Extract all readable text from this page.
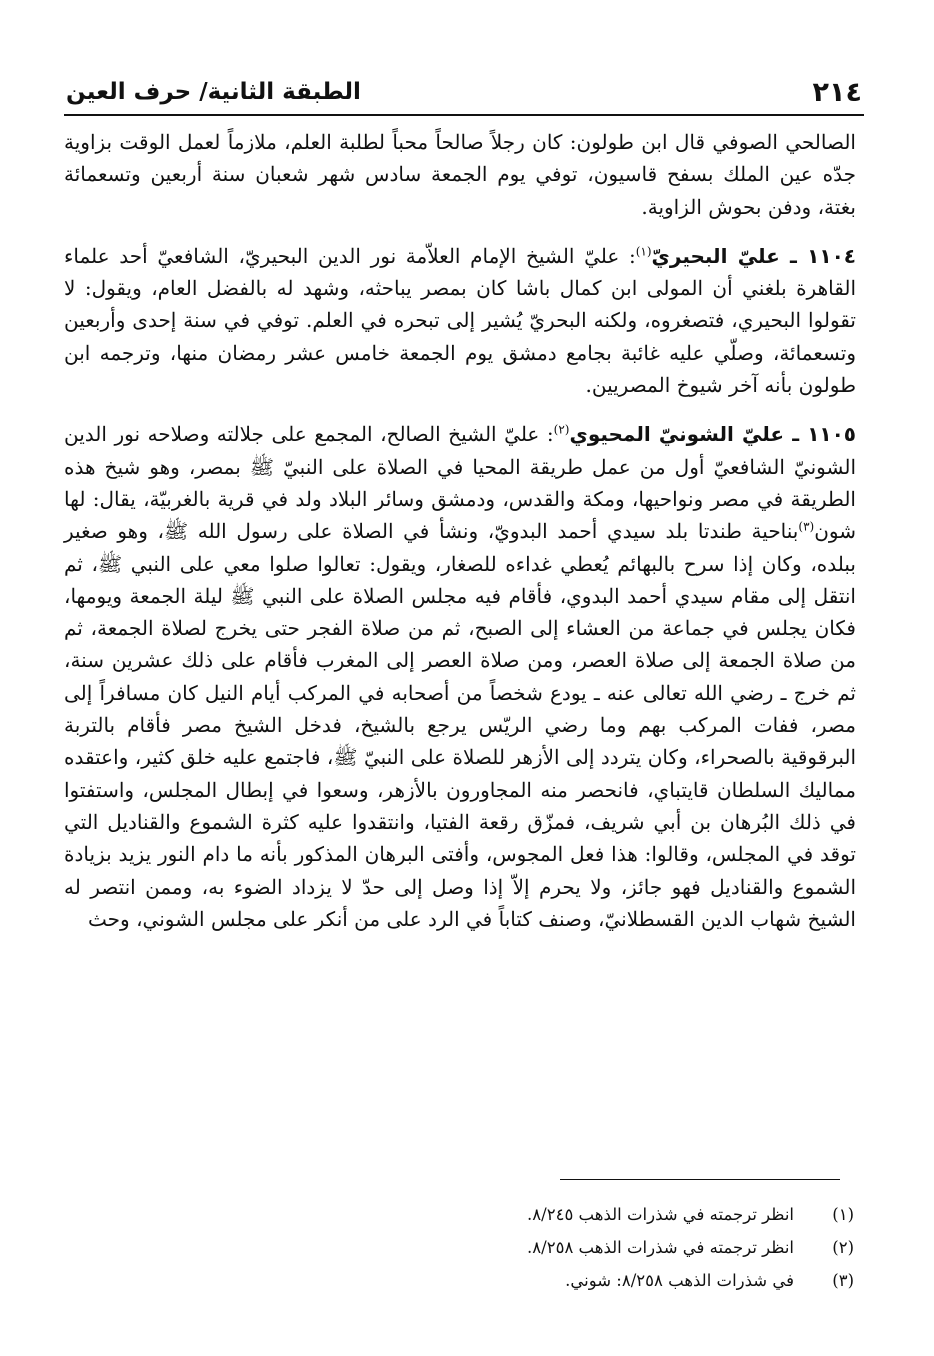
٢١٤
الطبقة الثانية/ حرف العين

الصالحي الصوفي قال ابن طولون: كان رجلاً صالحاً محباً لطلبة العلم، ملازماً لعمل الوقت بزاوية جدّه عين الملك بسفح قاسيون، توفي يوم الجمعة سادس شهر شعبان سنة أربعين وتسعمائة بغتة، ودفن بحوش الزاوية.

١١٠٤ ـ عليّ البحيريّ$^{(١)}$: عليّ الشيخ الإمام العلاّمة نور الدين البحيريّ، الشافعيّ أحد علماء القاهرة بلغني أن المولى ابن كمال باشا كان بمصر يباحثه، وشهد له بالفضل العام، ويقول: لا تقولوا البحيري، فتصغروه، ولكنه البحريّ يُشير إلى تبحره في العلم. توفي في سنة إحدى وأربعين وتسعمائة، وصلّي عليه غائبة بجامع دمشق يوم الجمعة خامس عشر رمضان منها، وترجمه ابن طولون بأنه آخر شيوخ المصريين.

١١٠٥ ـ عليّ الشونيّ المحيوي$^{(٢)}$: عليّ الشيخ الصالح، المجمع على جلالته وصلاحه نور الدين الشونيّ الشافعيّ أول من عمل طريقة المحيا في الصلاة على النبيّ ﷺ بمصر، وهو شيخ هذه الطريقة في مصر ونواحيها، ومكة والقدس، ودمشق وسائر البلاد ولد في قرية بالغربيّة، يقال: لها شون$^{(٣)}$بناحية طندتا بلد سيدي أحمد البدويّ، ونشأ في الصلاة على رسول الله ﷺ، وهو صغير ببلده، وكان إذا سرح بالبهائم يُعطي غداءه للصغار، ويقول: تعالوا صلوا معي على النبي ﷺ، ثم انتقل إلى مقام سيدي أحمد البدوي، فأقام فيه مجلس الصلاة على النبي ﷺ ليلة الجمعة ويومها، فكان يجلس في جماعة من العشاء إلى الصبح، ثم من صلاة الفجر حتى يخرج لصلاة الجمعة، ثم من صلاة الجمعة إلى صلاة العصر، ومن صلاة العصر إلى المغرب فأقام على ذلك عشرين سنة، ثم خرج ـ رضي الله تعالى عنه ـ يودع شخصاً من أصحابه في المركب أيام النيل كان مسافراً إلى مصر، ففات المركب بهم وما رضي الريّس يرجع بالشيخ، فدخل الشيخ مصر فأقام بالتربة البرقوقية بالصحراء، وكان يتردد إلى الأزهر للصلاة على النبيّ ﷺ، فاجتمع عليه خلق كثير، واعتقده مماليك السلطان قايتباي، فانحصر منه المجاورون بالأزهر، وسعوا في إبطال المجلس، واستفتوا في ذلك البُرهان بن أبي شريف، فمزّق رقعة الفتيا، وانتقدوا عليه كثرة الشموع والقناديل التي توقد في المجلس، وقالوا: هذا فعل المجوس، وأفتى البرهان المذكور بأنه ما دام النور يزيد بزيادة الشموع والقناديل فهو جائز، ولا يحرم إلاّ إذا وصل إلى حدّ لا يزداد الضوء به، وممن انتصر له الشيخ شهاب الدين القسطلانيّ، وصنف كتاباً في الرد على من أنكر على مجلس الشوني، وحث

(١)
انظر ترجمته في شذرات الذهب ٨/٢٤٥.
(٢)
انظر ترجمته في شذرات الذهب ٨/٢٥٨.
(٣)
في شذرات الذهب ٨/٢٥٨: شوني.
